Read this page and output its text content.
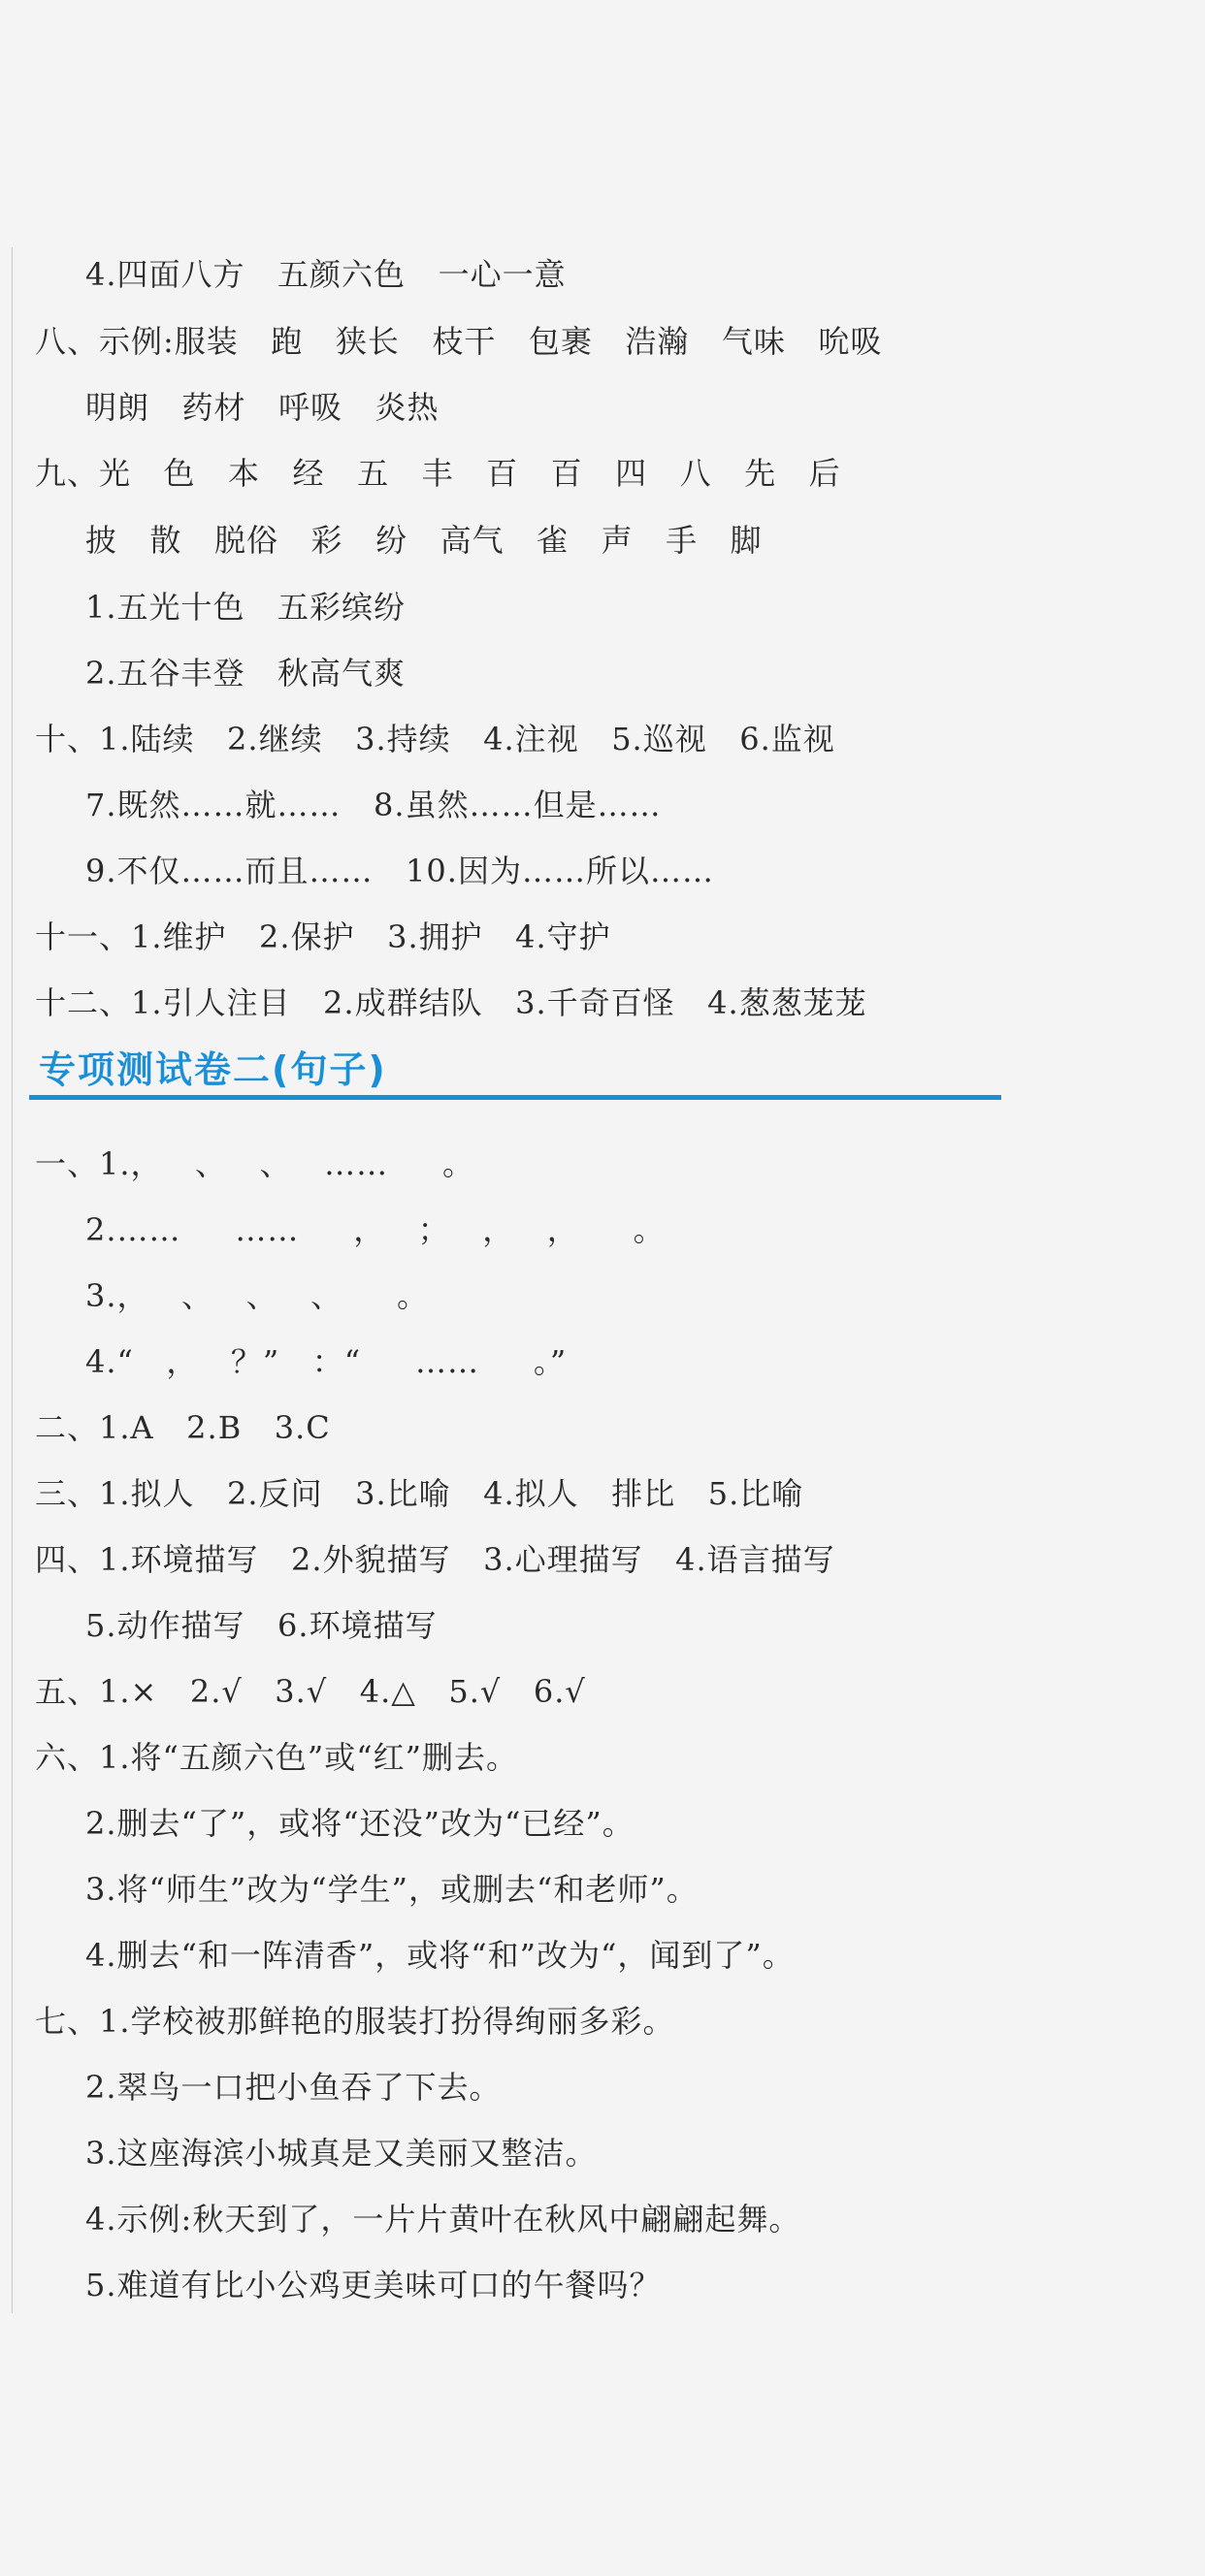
4.四面八方   五颜六色   一心一意
八、示例:服装   跑   狭长   枝干   包裹   浩瀚   气味   吮吸
明朗   药材   呼吸   炎热
九、光   色   本   经   五   丰   百   百   四   八   先   后
披   散   脱俗   彩   纷   高气   雀   声   手   脚
1.五光十色   五彩缤纷
2.五谷丰登   秋高气爽
十、1.陆续   2.继续   3.持续   4.注视   5.巡视   6.监视
7.既然……就……   8.虽然……但是……
9.不仅……而且……   10.因为……所以……
十一、1.维护   2.保护   3.拥护   4.守护
十二、1.引人注目   2.成群结队   3.千奇百怪   4.葱葱茏茏
专项测试卷二(句子)
一、1.，   、   、   ……     。
2.……     ……     ，   ；   ，   ，     。
3.，   、   、   、     。
4.“   ，   ？”   ：“     ……     。”
二、1.A   2.B   3.C
三、1.拟人   2.反问   3.比喻   4.拟人   排比   5.比喻
四、1.环境描写   2.外貌描写   3.心理描写   4.语言描写
5.动作描写   6.环境描写
五、1.×   2.√   3.√   4.△   5.√   6.√
六、1.将“五颜六色”或“红”删去。
2.删去“了”，或将“还没”改为“已经”。
3.将“师生”改为“学生”，或删去“和老师”。
4.删去“和一阵清香”，或将“和”改为“，闻到了”。
七、1.学校被那鲜艳的服装打扮得绚丽多彩。
2.翠鸟一口把小鱼吞了下去。
3.这座海滨小城真是又美丽又整洁。
4.示例:秋天到了，一片片黄叶在秋风中翩翩起舞。
5.难道有比小公鸡更美味可口的午餐吗？
